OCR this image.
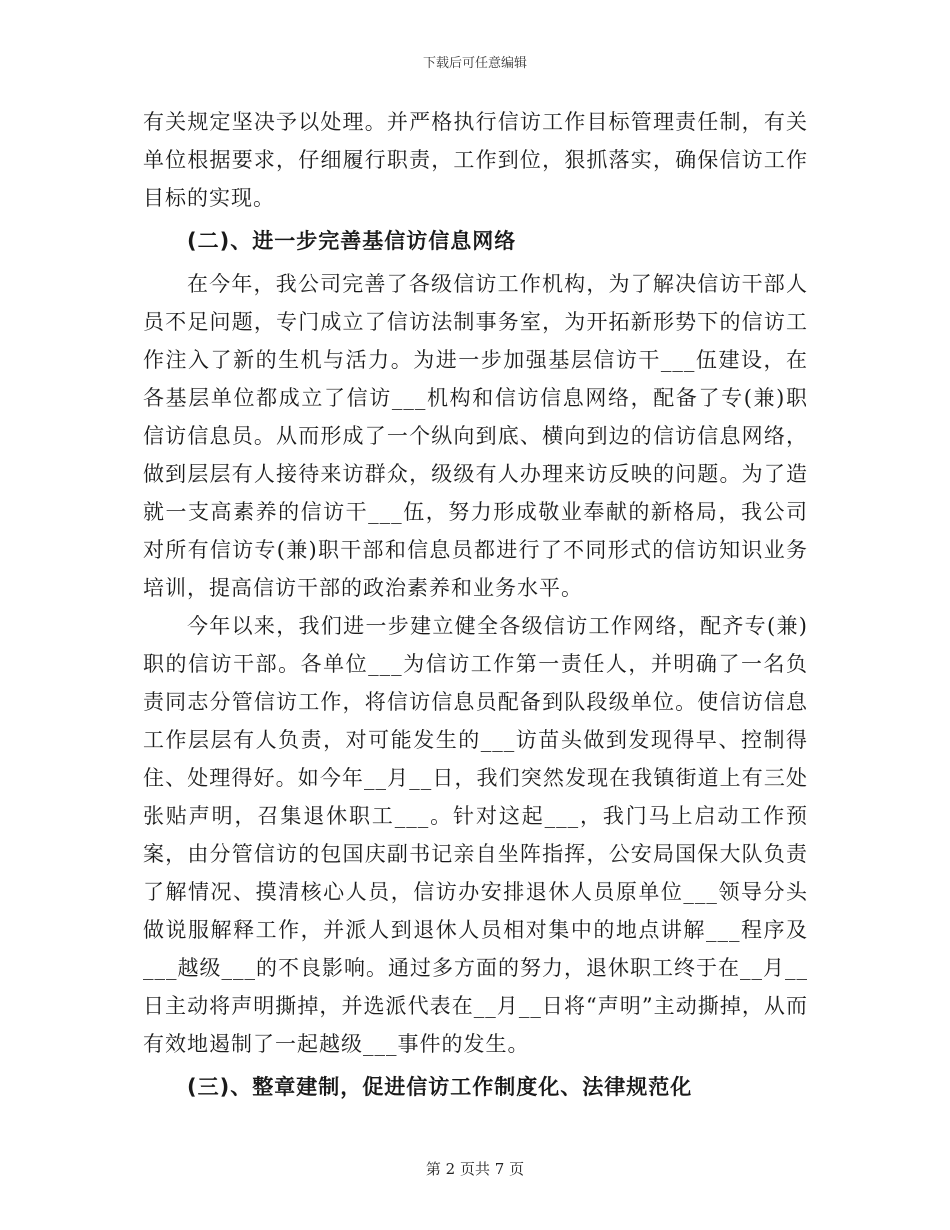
下载后可任意编辑

有关规定坚决予以处理。并严格执行信访工作目标管理责任制，有关单位根据要求，仔细履行职责，工作到位，狠抓落实，确保信访工作目标的实现。

(二)、进一步完善基信访信息网络

在今年，我公司完善了各级信访工作机构，为了解决信访干部人员不足问题，专门成立了信访法制事务室，为开拓新形势下的信访工作注入了新的生机与活力。为进一步加强基层信访干___伍建设，在各基层单位都成立了信访___机构和信访信息网络，配备了专(兼)职信访信息员。从而形成了一个纵向到底、横向到边的信访信息网络，做到层层有人接待来访群众，级级有人办理来访反映的问题。为了造就一支高素养的信访干___伍，努力形成敬业奉献的新格局，我公司对所有信访专(兼)职干部和信息员都进行了不同形式的信访知识业务培训，提高信访干部的政治素养和业务水平。

今年以来，我们进一步建立健全各级信访工作网络，配齐专(兼)职的信访干部。各单位___为信访工作第一责任人，并明确了一名负责同志分管信访工作，将信访信息员配备到队段级单位。使信访信息工作层层有人负责，对可能发生的___访苗头做到发现得早、控制得住、处理得好。如今年__月__日，我们突然发现在我镇街道上有三处张贴声明，召集退休职工___。针对这起___，我门马上启动工作预案，由分管信访的包国庆副书记亲自坐阵指挥，公安局国保大队负责了解情况、摸清核心人员，信访办安排退休人员原单位___领导分头做说服解释工作，并派人到退休人员相对集中的地点讲解___程序及___越级___的不良影响。通过多方面的努力，退休职工终于在__月__日主动将声明撕掉，并选派代表在__月__日将“声明”主动撕掉，从而有效地遏制了一起越级___事件的发生。

(三)、整章建制，促进信访工作制度化、法律规范化
第 2 页共 7 页
